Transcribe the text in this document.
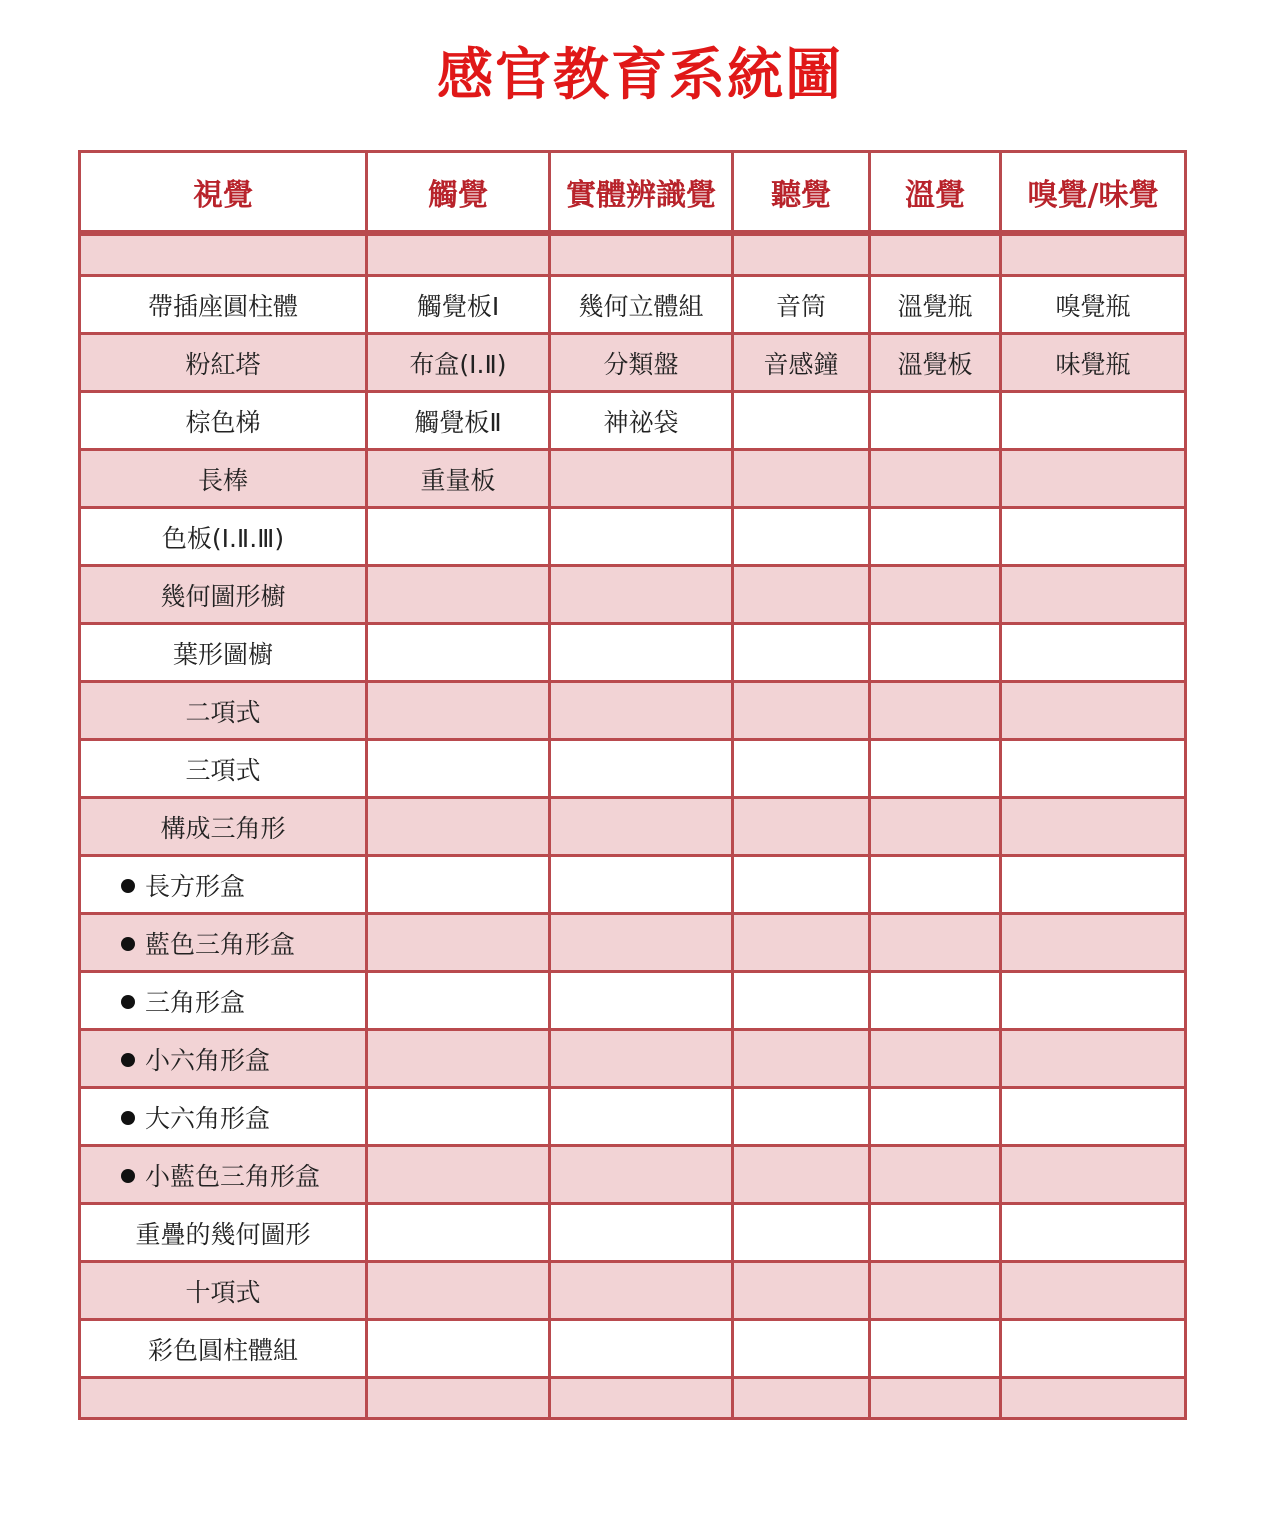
感官教育系統圖
視覺	觸覺	實體辨識覺	聽覺	溫覺	嗅覺/味覺

帶插座圓柱體	觸覺板Ⅰ	幾何立體組	音筒	溫覺瓶	嗅覺瓶
粉紅塔	布盒(Ⅰ.Ⅱ)	分類盤	音感鐘	溫覺板	味覺瓶
棕色梯	觸覺板Ⅱ	神祕袋			
長棒	重量板				
色板(Ⅰ.Ⅱ.Ⅲ)					
幾何圖形櫥					
葉形圖櫥					
二項式					
三項式					
構成三角形					
長方形盒					
藍色三角形盒					
三角形盒					
小六角形盒					
大六角形盒					
小藍色三角形盒					
重疊的幾何圖形					
十項式					
彩色圓柱體組					
